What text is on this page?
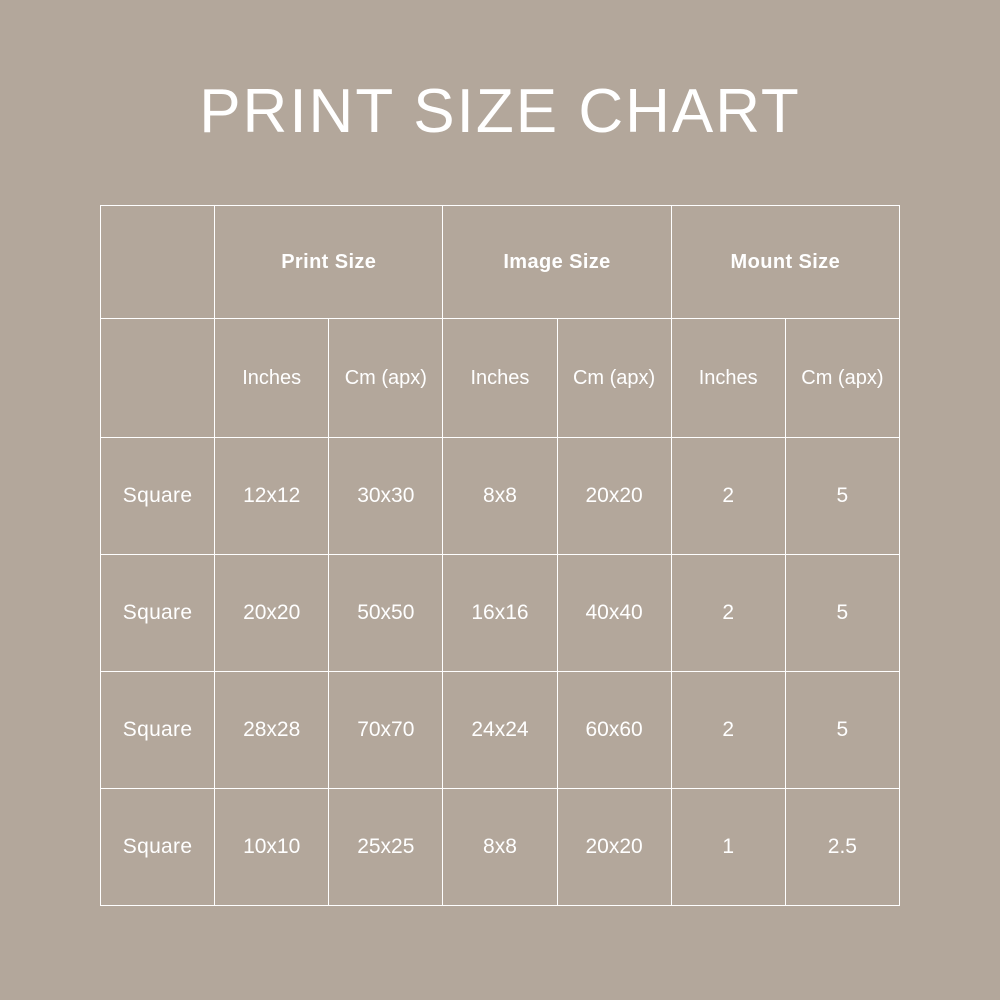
PRINT SIZE CHART
	Print Size		Image Size		Mount Size	
	Inches	Cm (apx)	Inches	Cm (apx)	Inches	Cm (apx)
Square	12x12	30x30	8x8	20x20	2	5
Square	20x20	50x50	16x16	40x40	2	5
Square	28x28	70x70	24x24	60x60	2	5
Square	10x10	25x25	8x8	20x20	1	2.5
